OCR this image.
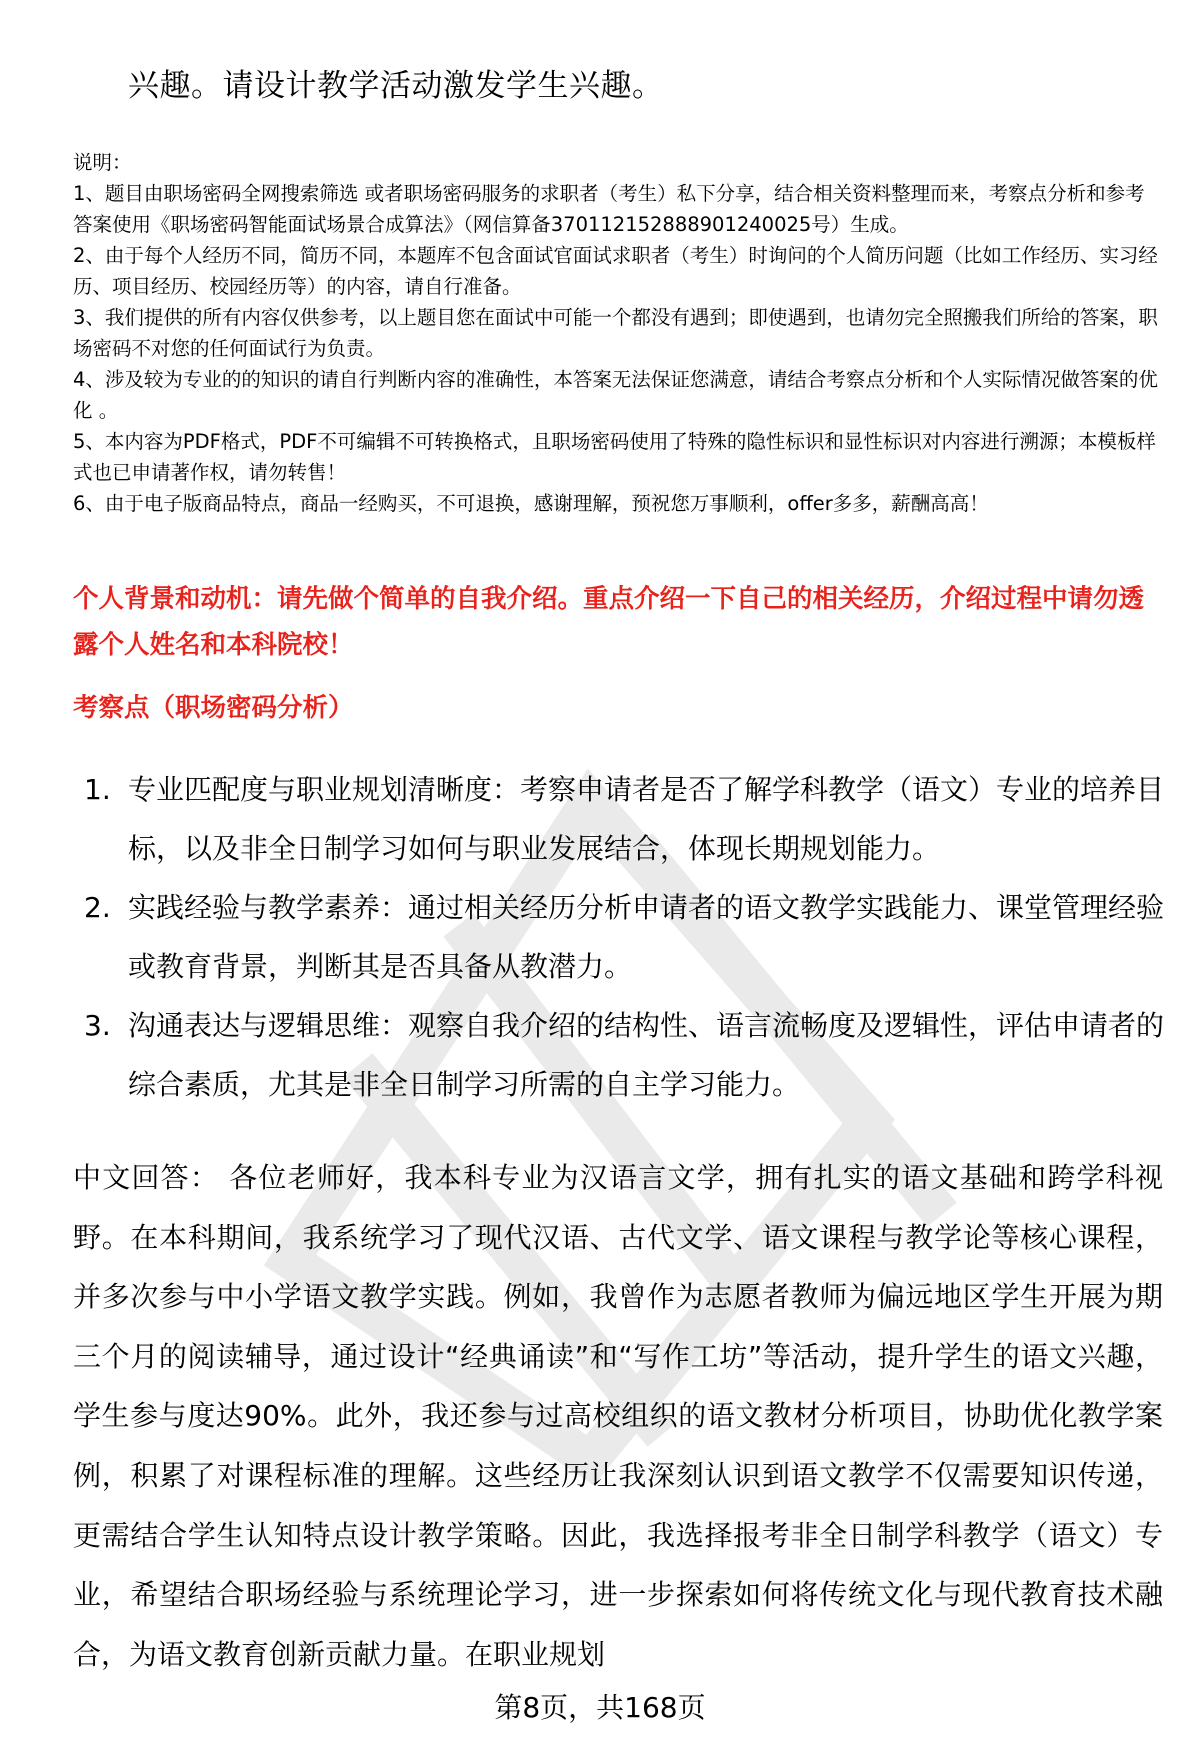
兴趣。请设计教学活动激发学生兴趣。

说明：

1、题目由职场密码全网搜索筛选 或者职场密码服务的求职者（考生）私下分享，结合相关资料整理而来，考察点分析和参考答案使用《职场密码智能面试场景合成算法》（网信算备370112152888901240025号）生成。

2、由于每个人经历不同，简历不同，本题库不包含面试官面试求职者（考生）时询问的个人简历问题（比如工作经历、实习经历、项目经历、校园经历等）的内容，请自行准备。

3、我们提供的所有内容仅供参考，以上题目您在面试中可能一个都没有遇到；即使遇到，也请勿完全照搬我们所给的答案，职场密码不对您的任何面试行为负责。

4、涉及较为专业的的知识的请自行判断内容的准确性，本答案无法保证您满意，请结合考察点分析和个人实际情况做答案的优化 。

5、本内容为PDF格式，PDF不可编辑不可转换格式，且职场密码使用了特殊的隐性标识和显性标识对内容进行溯源；本模板样式也已申请著作权，请勿转售！

6、由于电子版商品特点，商品一经购买，不可退换，感谢理解，预祝您万事顺利，offer多多，薪酬高高！

个人背景和动机：请先做个简单的自我介绍。重点介绍一下自己的相关经历，介绍过程中请勿透露个人姓名和本科院校！
考察点（职场密码分析）
1. 专业匹配度与职业规划清晰度：考察申请者是否了解学科教学（语文）专业的培养目标，以及非全日制学习如何与职业发展结合，体现长期规划能力。
2. 实践经验与教学素养：通过相关经历分析申请者的语文教学实践能力、课堂管理经验或教育背景，判断其是否具备从教潜力。
3. 沟通表达与逻辑思维：观察自我介绍的结构性、语言流畅度及逻辑性，评估申请者的综合素质，尤其是非全日制学习所需的自主学习能力。
中文回答： 各位老师好，我本科专业为汉语言文学，拥有扎实的语文基础和跨学科视野。在本科期间，我系统学习了现代汉语、古代文学、语文课程与教学论等核心课程，并多次参与中小学语文教学实践。例如，我曾作为志愿者教师为偏远地区学生开展为期三个月的阅读辅导，通过设计“经典诵读”和“写作工坊”等活动，提升学生的语文兴趣，学生参与度达90%。此外，我还参与过高校组织的语文教材分析项目，协助优化教学案例，积累了对课程标准的理解。这些经历让我深刻认识到语文教学不仅需要知识传递，更需结合学生认知特点设计教学策略。因此，我选择报考非全日制学科教学（语文）专业，希望结合职场经验与系统理论学习，进一步探索如何将传统文化与现代教育技术融合，为语文教育创新贡献力量。在职业规划
第8页，共168页
